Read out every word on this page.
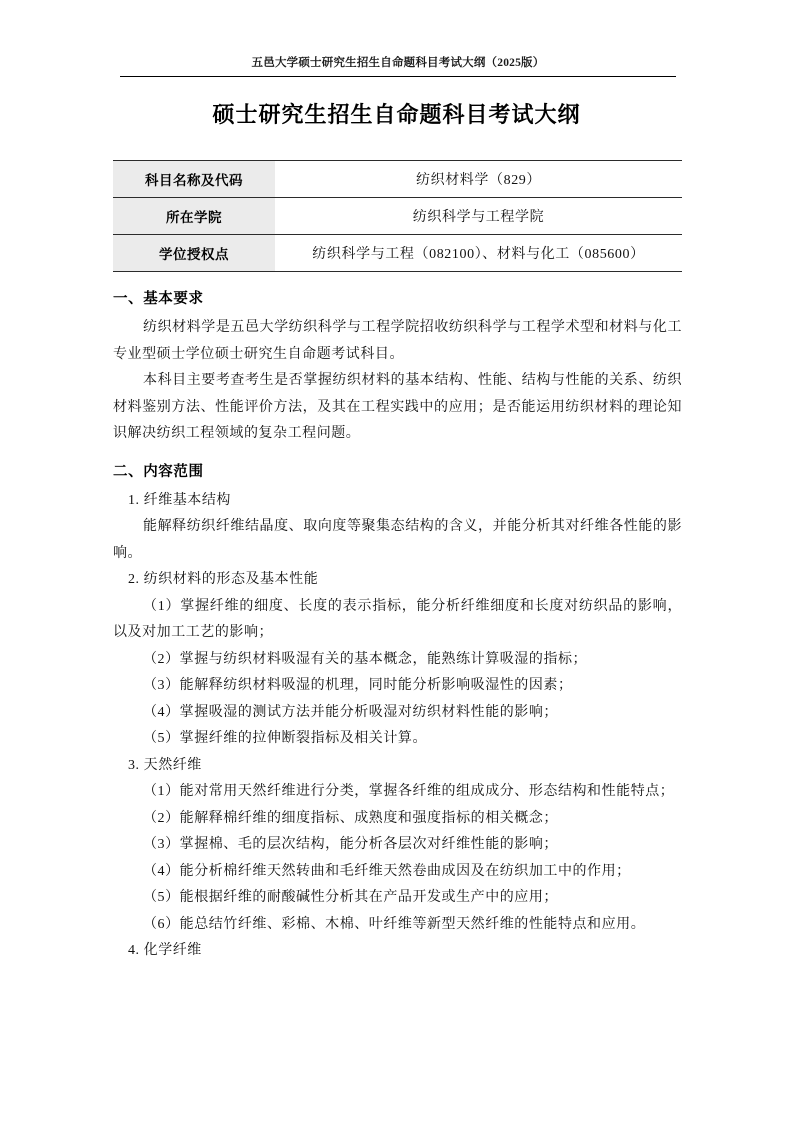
五邑大学硕士研究生招生自命题科目考试大纲（2025版）
硕士研究生招生自命题科目考试大纲
科目名称及代码	纺织材料学（829）
所在学院	纺织科学与工程学院
学位授权点	纺织科学与工程（082100）、材料与化工（085600）
一、基本要求

纺织材料学是五邑大学纺织科学与工程学院招收纺织科学与工程学术型和材料与化工专业型硕士学位硕士研究生自命题考试科目。

本科目主要考查考生是否掌握纺织材料的基本结构、性能、结构与性能的关系、纺织材料鉴别方法、性能评价方法，及其在工程实践中的应用；是否能运用纺织材料的理论知识解决纺织工程领域的复杂工程问题。

二、内容范围

1. 纤维基本结构

能解释纺织纤维结晶度、取向度等聚集态结构的含义，并能分析其对纤维各性能的影响。

2. 纺织材料的形态及基本性能

（1）掌握纤维的细度、长度的表示指标，能分析纤维细度和长度对纺织品的影响，以及对加工工艺的影响；

（2）掌握与纺织材料吸湿有关的基本概念，能熟练计算吸湿的指标；

（3）能解释纺织材料吸湿的机理，同时能分析影响吸湿性的因素；

（4）掌握吸湿的测试方法并能分析吸湿对纺织材料性能的影响；

（5）掌握纤维的拉伸断裂指标及相关计算。

3. 天然纤维

（1）能对常用天然纤维进行分类，掌握各纤维的组成成分、形态结构和性能特点；

（2）能解释棉纤维的细度指标、成熟度和强度指标的相关概念；

（3）掌握棉、毛的层次结构，能分析各层次对纤维性能的影响；

（4）能分析棉纤维天然转曲和毛纤维天然卷曲成因及在纺织加工中的作用；

（5）能根据纤维的耐酸碱性分析其在产品开发或生产中的应用；

（6）能总结竹纤维、彩棉、木棉、叶纤维等新型天然纤维的性能特点和应用。

4. 化学纤维
